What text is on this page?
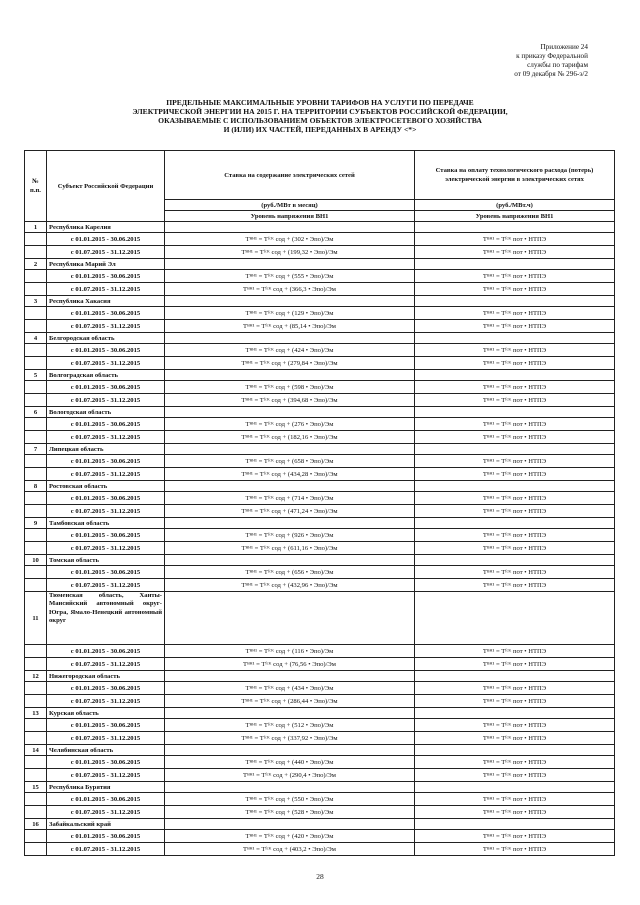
Приложение 24
к приказу Федеральной
службы по тарифам
от 09 декабря № 296-э/2
ПРЕДЕЛЬНЫЕ МАКСИМАЛЬНЫЕ УРОВНИ ТАРИФОВ НА УСЛУГИ ПО ПЕРЕДАЧЕ
ЭЛЕКТРИЧЕСКОЙ ЭНЕРГИИ НА 2015 Г. НА ТЕРРИТОРИИ СУБЪЕКТОВ РОССИЙСКОЙ ФЕДЕРАЦИИ,
ОКАЗЫВАЕМЫЕ С ИСПОЛЬЗОВАНИЕМ ОБЪЕКТОВ ЭЛЕКТРОСЕТЕВОГО ХОЗЯЙСТВА
И (ИЛИ) ИХ ЧАСТЕЙ, ПЕРЕДАННЫХ В АРЕНДУ <*>
№ п.п.	Субъект Российской Федерации	Ставка на содержание электрических сетей	Ставка на оплату технологического расхода (потерь) электрической энергии в электрических сетях
		(руб./МВт в месяц)	(руб./МВт.ч)
		Уровень напряжения ВН1	Уровень напряжения ВН1
1	Республика Карелия		
	с 01.01.2015 - 30.06.2015	Tᴮᴴ¹ = Tᶠᶜᴷ сод + (302 • Эпо)/Эм	Tᴮᴴ¹ = Tᶠᶜᴷ пот • НТПЭ
	с 01.07.2015 - 31.12.2015	Tᴮᴴ¹ = Tᶠᶜᴷ сод + (199,32 • Эпо)/Эм	Tᴮᴴ¹ = Tᶠᶜᴷ пот • НТПЭ
2	Республика Марий Эл		
	с 01.01.2015 - 30.06.2015	Tᴮᴴ¹ = Tᶠᶜᴷ сод + (555 • Эпо)/Эм	Tᴮᴴ¹ = Tᶠᶜᴷ пот • НТПЭ
	с 01.07.2015 - 31.12.2015	Tᴮᴴ¹ = Tᶠᶜᴷ сод + (366,3 • Эпо)/Эм	Tᴮᴴ¹ = Tᶠᶜᴷ пот • НТПЭ
3	Республика Хакасия		
	с 01.01.2015 - 30.06.2015	Tᴮᴴ¹ = Tᶠᶜᴷ сод + (129 • Эпо)/Эм	Tᴮᴴ¹ = Tᶠᶜᴷ пот • НТПЭ
	с 01.07.2015 - 31.12.2015	Tᴮᴴ¹ = Tᶠᶜᴷ сод + (85,14 • Эпо)/Эм	Tᴮᴴ¹ = Tᶠᶜᴷ пот • НТПЭ
4	Белгородская область		
	с 01.01.2015 - 30.06.2015	Tᴮᴴ¹ = Tᶠᶜᴷ сод + (424 • Эпо)/Эм	Tᴮᴴ¹ = Tᶠᶜᴷ пот • НТПЭ
	с 01.07.2015 - 31.12.2015	Tᴮᴴ¹ = Tᶠᶜᴷ сод + (279,84 • Эпо)/Эм	Tᴮᴴ¹ = Tᶠᶜᴷ пот • НТПЭ
5	Волгоградская область		
	с 01.01.2015 - 30.06.2015	Tᴮᴴ¹ = Tᶠᶜᴷ сод + (598 • Эпо)/Эм	Tᴮᴴ¹ = Tᶠᶜᴷ пот • НТПЭ
	с 01.07.2015 - 31.12.2015	Tᴮᴴ¹ = Tᶠᶜᴷ сод + (394,68 • Эпо)/Эм	Tᴮᴴ¹ = Tᶠᶜᴷ пот • НТПЭ
6	Вологодская область		
	с 01.01.2015 - 30.06.2015	Tᴮᴴ¹ = Tᶠᶜᴷ сод + (276 • Эпо)/Эм	Tᴮᴴ¹ = Tᶠᶜᴷ пот • НТПЭ
	с 01.07.2015 - 31.12.2015	Tᴮᴴ¹ = Tᶠᶜᴷ сод + (182,16 • Эпо)/Эм	Tᴮᴴ¹ = Tᶠᶜᴷ пот • НТПЭ
7	Липецкая область		
	с 01.01.2015 - 30.06.2015	Tᴮᴴ¹ = Tᶠᶜᴷ сод + (658 • Эпо)/Эм	Tᴮᴴ¹ = Tᶠᶜᴷ пот • НТПЭ
	с 01.07.2015 - 31.12.2015	Tᴮᴴ¹ = Tᶠᶜᴷ сод + (434,28 • Эпо)/Эм	Tᴮᴴ¹ = Tᶠᶜᴷ пот • НТПЭ
8	Ростовская область		
	с 01.01.2015 - 30.06.2015	Tᴮᴴ¹ = Tᶠᶜᴷ сод + (714 • Эпо)/Эм	Tᴮᴴ¹ = Tᶠᶜᴷ пот • НТПЭ
	с 01.07.2015 - 31.12.2015	Tᴮᴴ¹ = Tᶠᶜᴷ сод + (471,24 • Эпо)/Эм	Tᴮᴴ¹ = Tᶠᶜᴷ пот • НТПЭ
9	Тамбовская область		
	с 01.01.2015 - 30.06.2015	Tᴮᴴ¹ = Tᶠᶜᴷ сод + (926 • Эпо)/Эм	Tᴮᴴ¹ = Tᶠᶜᴷ пот • НТПЭ
	с 01.07.2015 - 31.12.2015	Tᴮᴴ¹ = Tᶠᶜᴷ сод + (611,16 • Эпо)/Эм	Tᴮᴴ¹ = Tᶠᶜᴷ пот • НТПЭ
10	Томская область		
	с 01.01.2015 - 30.06.2015	Tᴮᴴ¹ = Tᶠᶜᴷ сод + (656 • Эпо)/Эм	Tᴮᴴ¹ = Tᶠᶜᴷ пот • НТПЭ
	с 01.07.2015 - 31.12.2015	Tᴮᴴ¹ = Tᶠᶜᴷ сод + (432,96 • Эпо)/Эм	Tᴮᴴ¹ = Tᶠᶜᴷ пот • НТПЭ
11	Тюменская область, Ханты-Мансийский автономный округ-Югра, Ямало-Ненецкий автономный округ		
	с 01.01.2015 - 30.06.2015	Tᴮᴴ¹ = Tᶠᶜᴷ сод + (116 • Эпо)/Эм	Tᴮᴴ¹ = Tᶠᶜᴷ пот • НТПЭ
	с 01.07.2015 - 31.12.2015	Tᴮᴴ¹ = Tᶠᶜᴷ сод + (76,56 • Эпо)/Эм	Tᴮᴴ¹ = Tᶠᶜᴷ пот • НТПЭ
12	Нижегородская область		
	с 01.01.2015 - 30.06.2015	Tᴮᴴ¹ = Tᶠᶜᴷ сод + (434 • Эпо)/Эм	Tᴮᴴ¹ = Tᶠᶜᴷ пот • НТПЭ
	с 01.07.2015 - 31.12.2015	Tᴮᴴ¹ = Tᶠᶜᴷ сод + (286,44 • Эпо)/Эм	Tᴮᴴ¹ = Tᶠᶜᴷ пот • НТПЭ
13	Курская область		
	с 01.01.2015 - 30.06.2015	Tᴮᴴ¹ = Tᶠᶜᴷ сод + (512 • Эпо)/Эм	Tᴮᴴ¹ = Tᶠᶜᴷ пот • НТПЭ
	с 01.07.2015 - 31.12.2015	Tᴮᴴ¹ = Tᶠᶜᴷ сод + (337,92 • Эпо)/Эм	Tᴮᴴ¹ = Tᶠᶜᴷ пот • НТПЭ
14	Челябинская область		
	с 01.01.2015 - 30.06.2015	Tᴮᴴ¹ = Tᶠᶜᴷ сод + (440 • Эпо)/Эм	Tᴮᴴ¹ = Tᶠᶜᴷ пот • НТПЭ
	с 01.07.2015 - 31.12.2015	Tᴮᴴ¹ = Tᶠᶜᴷ сод + (290,4 • Эпо)/Эм	Tᴮᴴ¹ = Tᶠᶜᴷ пот • НТПЭ
15	Республика Бурятия		
	с 01.01.2015 - 30.06.2015	Tᴮᴴ¹ = Tᶠᶜᴷ сод + (550 • Эпо)/Эм	Tᴮᴴ¹ = Tᶠᶜᴷ пот • НТПЭ
	с 01.07.2015 - 31.12.2015	Tᴮᴴ¹ = Tᶠᶜᴷ сод + (528 • Эпо)/Эм	Tᴮᴴ¹ = Tᶠᶜᴷ пот • НТПЭ
16	Забайкальский край		
	с 01.01.2015 - 30.06.2015	Tᴮᴴ¹ = Tᶠᶜᴷ сод + (420 • Эпо)/Эм	Tᴮᴴ¹ = Tᶠᶜᴷ пот • НТПЭ
	с 01.07.2015 - 31.12.2015	Tᴮᴴ¹ = Tᶠᶜᴷ сод + (403,2 • Эпо)/Эм	Tᴮᴴ¹ = Tᶠᶜᴷ пот • НТПЭ
28
